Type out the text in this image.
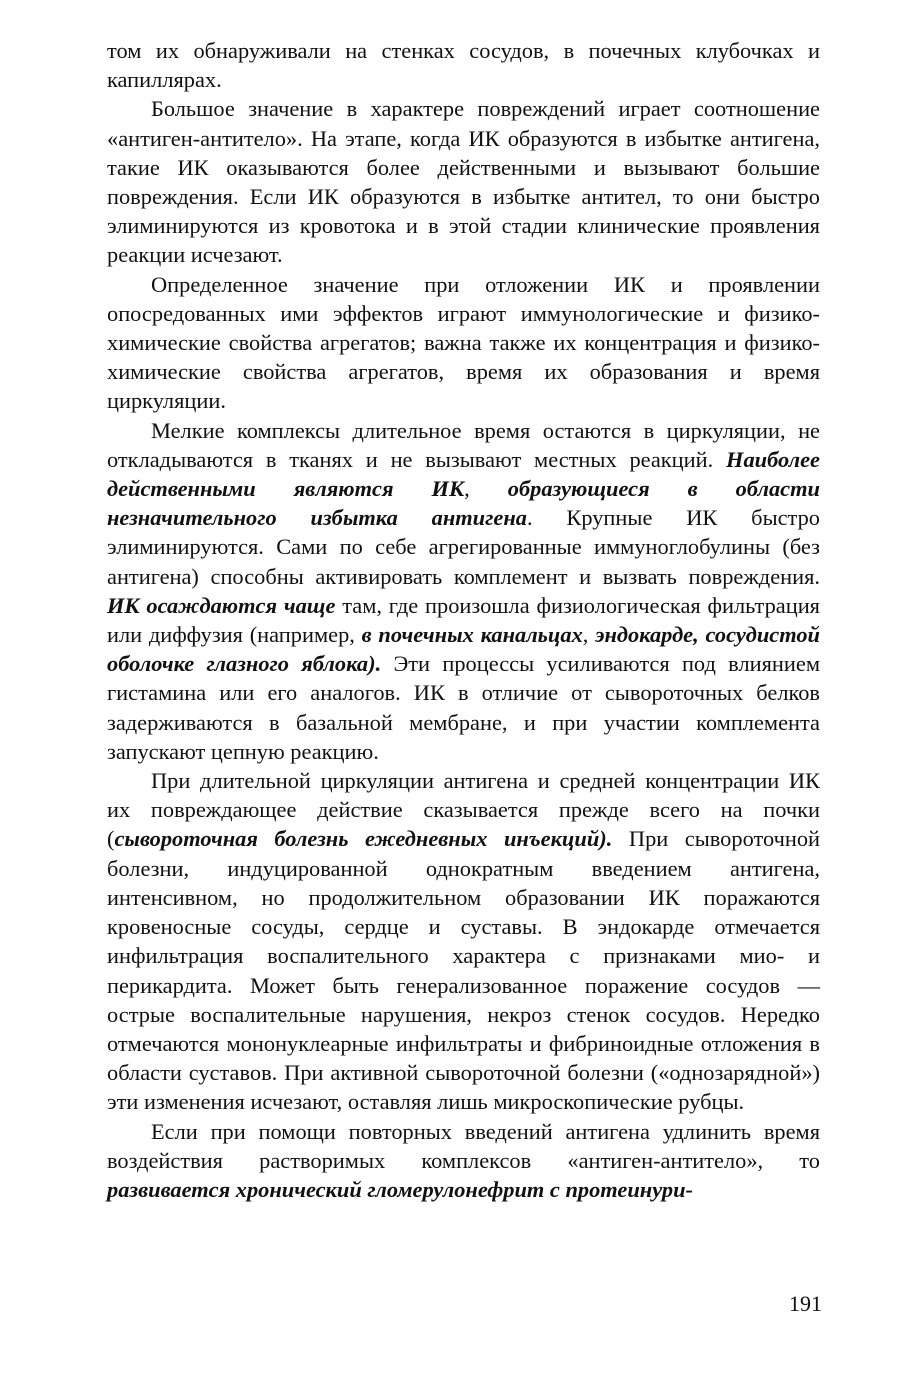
том их обнаруживали на стенках сосудов, в почечных клубочках и капиллярах.

Большое значение в характере повреждений играет соотношение «антиген-антитело». На этапе, когда ИК образуются в избытке антигена, такие ИК оказываются более действенными и вызывают большие повреждения. Если ИК образуются в избытке антител, то они быстро элиминируются из кровотока и в этой стадии клинические проявления реакции исчезают.

Определенное значение при отложении ИК и проявлении опосредованных ими эффектов играют иммунологические и физико-химические свойства агрегатов; важна также их концентрация и физико-химические свойства агрегатов, время их образования и время циркуляции.

Мелкие комплексы длительное время остаются в циркуляции, не откладываются в тканях и не вызывают местных реакций. Наиболее действенными являются ИК, образующиеся в области незначительного избытка антигена. Крупные ИК быстро элиминируются. Сами по себе агрегированные иммуноглобулины (без антигена) способны активировать комплемент и вызвать повреждения. ИК осаждаются чаще там, где произошла физиологическая фильтрация или диффузия (например, в почечных канальцах, эндокарде, сосудистой оболочке глазного яблока). Эти процессы усиливаются под влиянием гистамина или его аналогов. ИК в отличие от сывороточных белков задерживаются в базальной мембране, и при участии комплемента запускают цепную реакцию.

При длительной циркуляции антигена и средней концентрации ИК их повреждающее действие сказывается прежде всего на почки (сывороточная болезнь ежедневных инъекций). При сывороточной болезни, индуцированной однократным введением антигена, интенсивном, но продолжительном образовании ИК поражаются кровеносные сосуды, сердце и суставы. В эндокарде отмечается инфильтрация воспалительного характера с признаками мио- и перикардита. Может быть генерализованное поражение сосудов — острые воспалительные нарушения, некроз стенок сосудов. Нередко отмечаются мононуклеарные инфильтраты и фибриноидные отложения в области суставов. При активной сывороточной болезни («однозарядной») эти изменения исчезают, оставляя лишь микроскопические рубцы.

Если при помощи повторных введений антигена удлинить время воздействия растворимых комплексов «антиген-антитело», то развивается хронический гломерулонефрит с протеинури-

191
